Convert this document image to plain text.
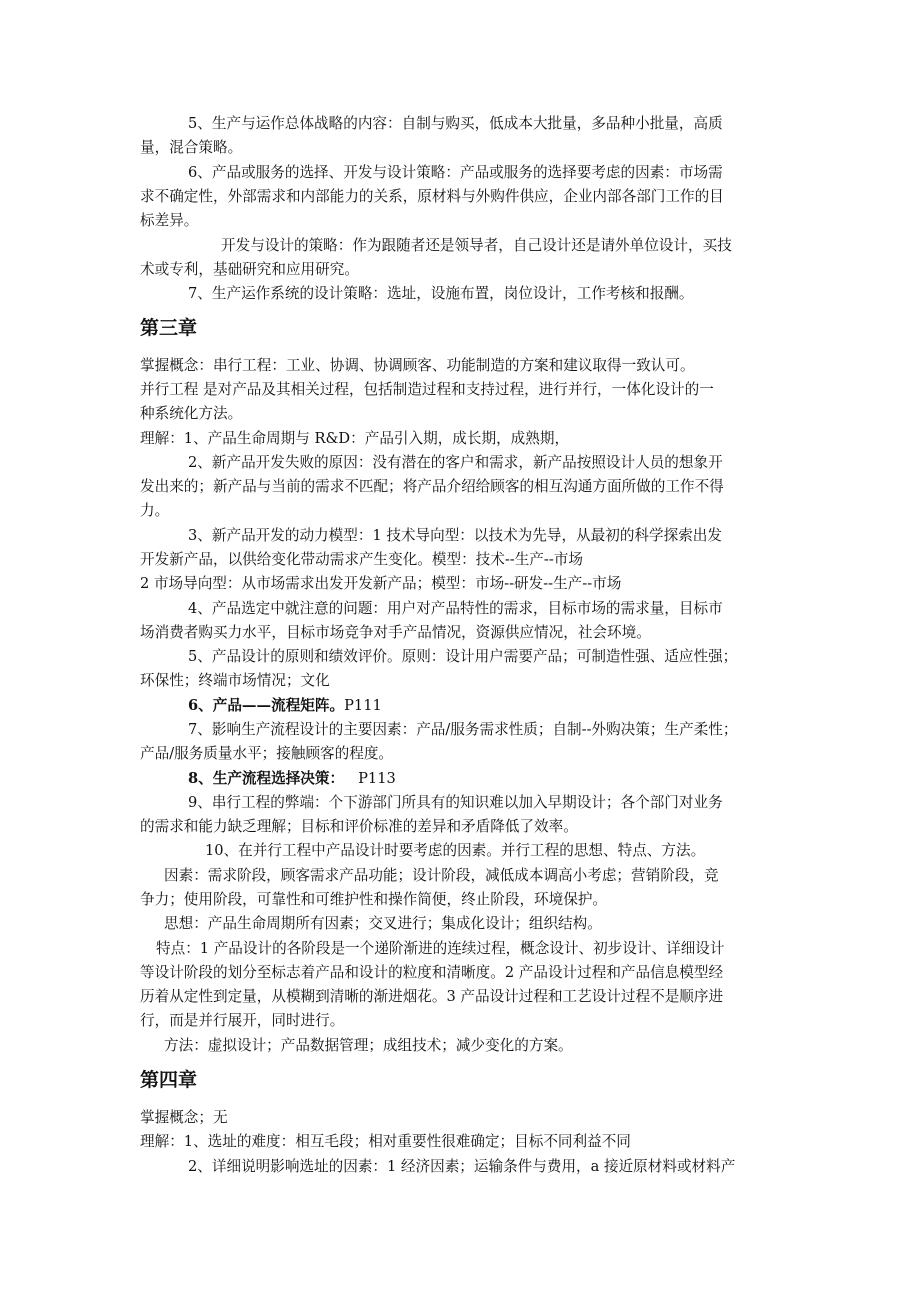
5、生产与运作总体战略的内容：自制与购买，低成本大批量，多品种小批量，高质
量，混合策略。
6、产品或服务的选择、开发与设计策略：产品或服务的选择要考虑的因素：市场需
求不确定性，外部需求和内部能力的关系，原材料与外购件供应，企业内部各部门工作的目
标差异。
开发与设计的策略：作为跟随者还是领导者，自己设计还是请外单位设计，买技
术或专利，基础研究和应用研究。
7、生产运作系统的设计策略：选址，设施布置，岗位设计，工作考核和报酬。
第三章
掌握概念：串行工程：工业、协调、协调顾客、功能制造的方案和建议取得一致认可。
并行工程 是对产品及其相关过程，包括制造过程和支持过程，进行并行，一体化设计的一
种系统化方法。
理解：1、产品生命周期与 R&D：产品引入期，成长期，成熟期，
2、新产品开发失败的原因：没有潜在的客户和需求，新产品按照设计人员的想象开
发出来的；新产品与当前的需求不匹配；将产品介绍给顾客的相互沟通方面所做的工作不得
力。
3、新产品开发的动力模型：1 技术导向型：以技术为先导，从最初的科学探索出发
开发新产品，以供给变化带动需求产生变化。模型：技术--生产--市场
2 市场导向型：从市场需求出发开发新产品；模型：市场--研发--生产--市场
4、产品选定中就注意的问题：用户对产品特性的需求，目标市场的需求量，目标市
场消费者购买力水平，目标市场竞争对手产品情况，资源供应情况，社会环境。
5、产品设计的原则和绩效评价。原则：设计用户需要产品；可制造性强、适应性强；
环保性；终端市场情况；文化
6、产品——流程矩阵。P111
7、影响生产流程设计的主要因素：产品/服务需求性质；自制--外购决策；生产柔性；
产品/服务质量水平；接触顾客的程度。
8、生产流程选择决策： P113
9、串行工程的弊端：个下游部门所具有的知识难以加入早期设计；各个部门对业务
的需求和能力缺乏理解；目标和评价标准的差异和矛盾降低了效率。
10、在并行工程中产品设计时要考虑的因素。并行工程的思想、特点、方法。
因素：需求阶段，顾客需求产品功能；设计阶段，减低成本调高小考虑；营销阶段，竞
争力；使用阶段，可靠性和可维护性和操作简便，终止阶段，环境保护。
思想：产品生命周期所有因素；交叉进行；集成化设计；组织结构。
特点：1 产品设计的各阶段是一个递阶渐进的连续过程，概念设计、初步设计、详细设计
等设计阶段的划分至标志着产品和设计的粒度和清晰度。2 产品设计过程和产品信息模型经
历着从定性到定量，从模糊到清晰的渐进烟花。3 产品设计过程和工艺设计过程不是顺序进
行，而是并行展开，同时进行。
方法：虚拟设计；产品数据管理；成组技术；减少变化的方案。
第四章
掌握概念；无
理解：1、选址的难度：相互毛段；相对重要性很难确定；目标不同利益不同
2、详细说明影响选址的因素：1 经济因素；运输条件与费用，a 接近原材料或材料产
